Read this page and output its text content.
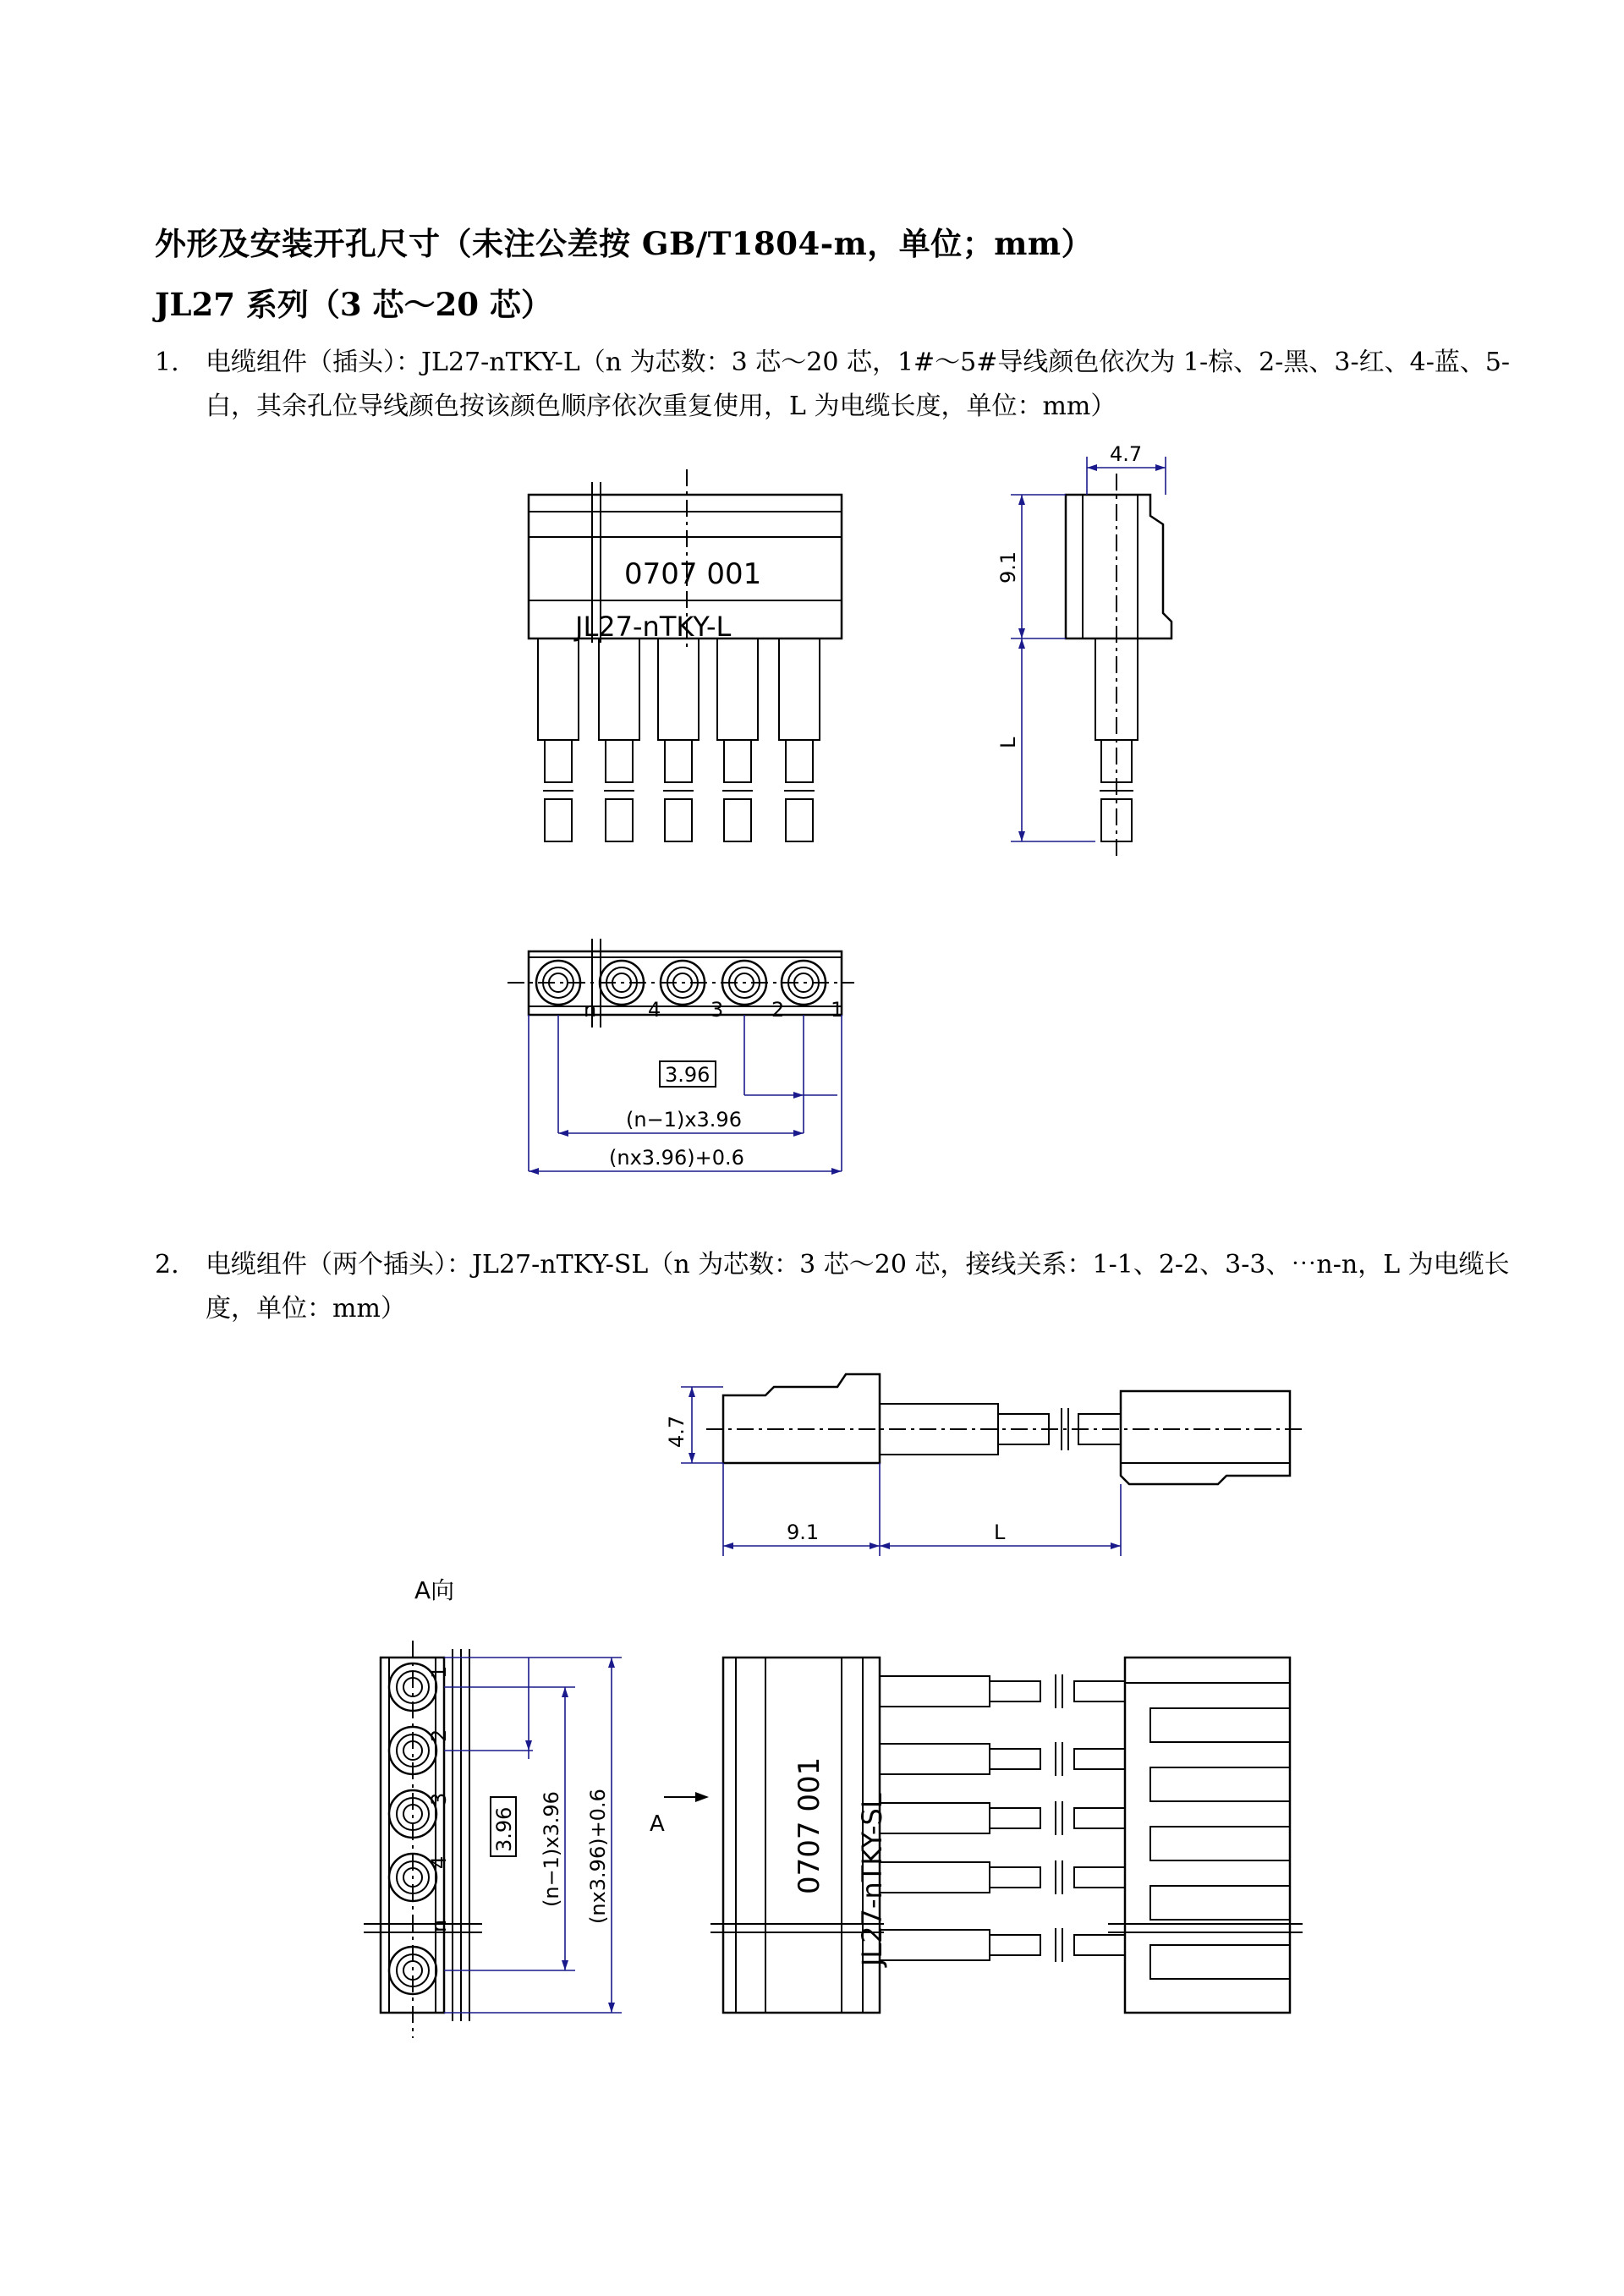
外形及安装开孔尺寸（未注公差按 GB/T1804-m，单位；mm）
JL27 系列（3 芯～20 芯）
1. 电缆组件（插头）：JL27-nTKY-L（n 为芯数：3 芯～20 芯，1#～5#导线颜色依次为 1-棕、2-黑、3-红、4-蓝、5-白，其余孔位导线颜色按该颜色顺序依次重复使用，L 为电缆长度，单位：mm）
2. 电缆组件（两个插头）：JL27-nTKY-SL（n 为芯数：3 芯～20 芯，接线关系：1-1、2-2、3-3、⋯n-n，L 为电缆长度，单位：mm）
0707 001
JL27-nTKY-L
4.7
9.1
L
n	4 3 2 1
3.96
(n−1)x3.96
(nx3.96)+0.6
4.7
9.1	L
A向
1
2
3
4
n
3.96 (n−1)x3.96 (nx3.96)+0.6 A	0707 001 JL27-nTKY-SL
